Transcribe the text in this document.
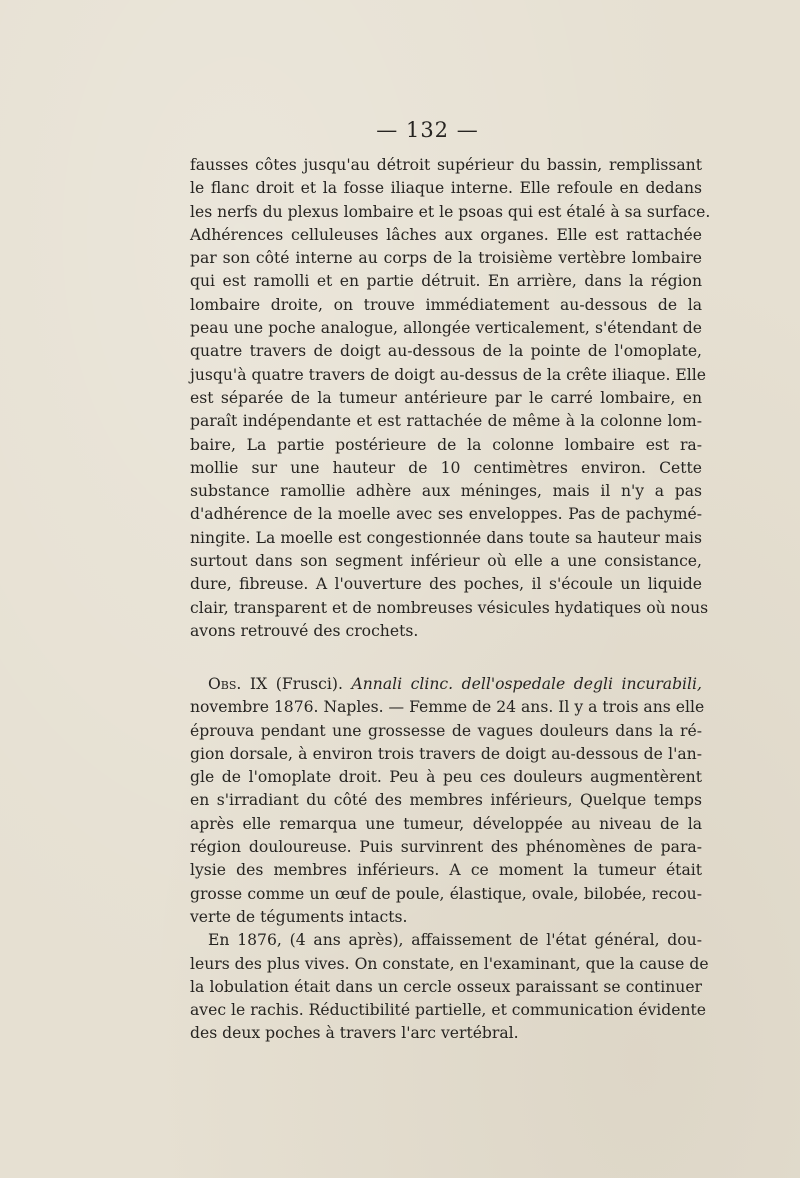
— 132 —
fausses côtes jusqu'au détroit supérieur du bassin, remplissant
le flanc droit et la fosse iliaque interne. Elle refoule en dedans
les nerfs du plexus lombaire et le psoas qui est étalé à sa surface.
Adhérences celluleuses lâches aux organes. Elle est rattachée
par son côté interne au corps de la troisième vertèbre lombaire
qui est ramolli et en partie détruit. En arrière, dans la région
lombaire droite, on trouve immédiatement au-dessous de la
peau une poche analogue, allongée verticalement, s'étendant de
quatre travers de doigt au-dessous de la pointe de l'omoplate,
jusqu'à quatre travers de doigt au-dessus de la crête iliaque. Elle
est séparée de la tumeur antérieure par le carré lombaire, en
paraît indépendante et est rattachée de même à la colonne lom-
baire, La partie postérieure de la colonne lombaire est ra-
mollie sur une hauteur de 10 centimètres environ. Cette
substance ramollie adhère aux méninges, mais il n'y a pas
d'adhérence de la moelle avec ses enveloppes. Pas de pachymé-
ningite. La moelle est congestionnée dans toute sa hauteur mais
surtout dans son segment inférieur où elle a une consistance,
dure, fibreuse. A l'ouverture des poches, il s'écoule un liquide
clair, transparent et de nombreuses vésicules hydatiques où nous
avons retrouvé des crochets.
Obs. IX (Frusci). Annali clinc. dell'ospedale degli incurabili,
novembre 1876. Naples. — Femme de 24 ans. Il y a trois ans elle
éprouva pendant une grossesse de vagues douleurs dans la ré-
gion dorsale, à environ trois travers de doigt au-dessous de l'an-
gle de l'omoplate droit. Peu à peu ces douleurs augmentèrent
en s'irradiant du côté des membres inférieurs, Quelque temps
après elle remarqua une tumeur, développée au niveau de la
région douloureuse. Puis survinrent des phénomènes de para-
lysie des membres inférieurs. A ce moment la tumeur était
grosse comme un œuf de poule, élastique, ovale, bilobée, recou-
verte de téguments intacts.
En 1876, (4 ans après), affaissement de l'état général, dou-
leurs des plus vives. On constate, en l'examinant, que la cause de
la lobulation était dans un cercle osseux paraissant se continuer
avec le rachis. Réductibilité partielle, et communication évidente
des deux poches à travers l'arc vertébral.
